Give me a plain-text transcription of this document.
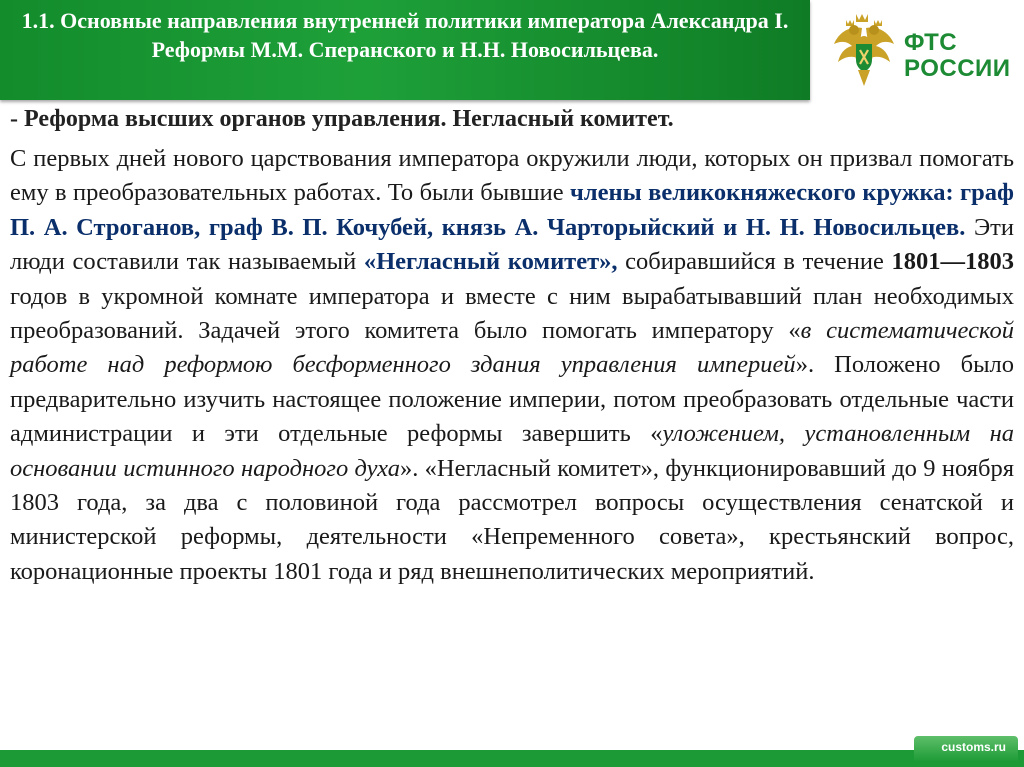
1.1. Основные направления внутренней политики императора Александра I. Реформы М.М. Сперанского и Н.Н. Новосильцева.	ФТС
РОССИИ
- Реформа высших органов управления. Негласный комитет.

С первых дней нового царствования императора окружили люди, которых он призвал помогать ему в преобразовательных работах. То были бывшие члены великокняжеского кружка: граф П. А. Строганов, граф В. П. Кочубей, князь А. Чарторыйский и Н. Н. Новосильцев. Эти люди составили так называемый «Негласный комитет», собиравшийся в течение 1801—1803 годов в укромной комнате императора и вместе с ним вырабатывавший план необходимых преобразований. Задачей этого комитета было помогать императору «в систематической работе над реформою бесформенного здания управления империей». Положено было предварительно изучить настоящее положение империи, потом преобразовать отдельные части администрации и эти отдельные реформы завершить «уложением, установленным на основании истинного народного духа». «Негласный комитет», функционировавший до 9 ноября 1803 года, за два с половиной года рассмотрел вопросы осуществления сенатской и министерской реформы, деятельности «Непременного совета», крестьянский вопрос, коронационные проекты 1801 года и ряд внешнеполитических мероприятий.

customs.ru
